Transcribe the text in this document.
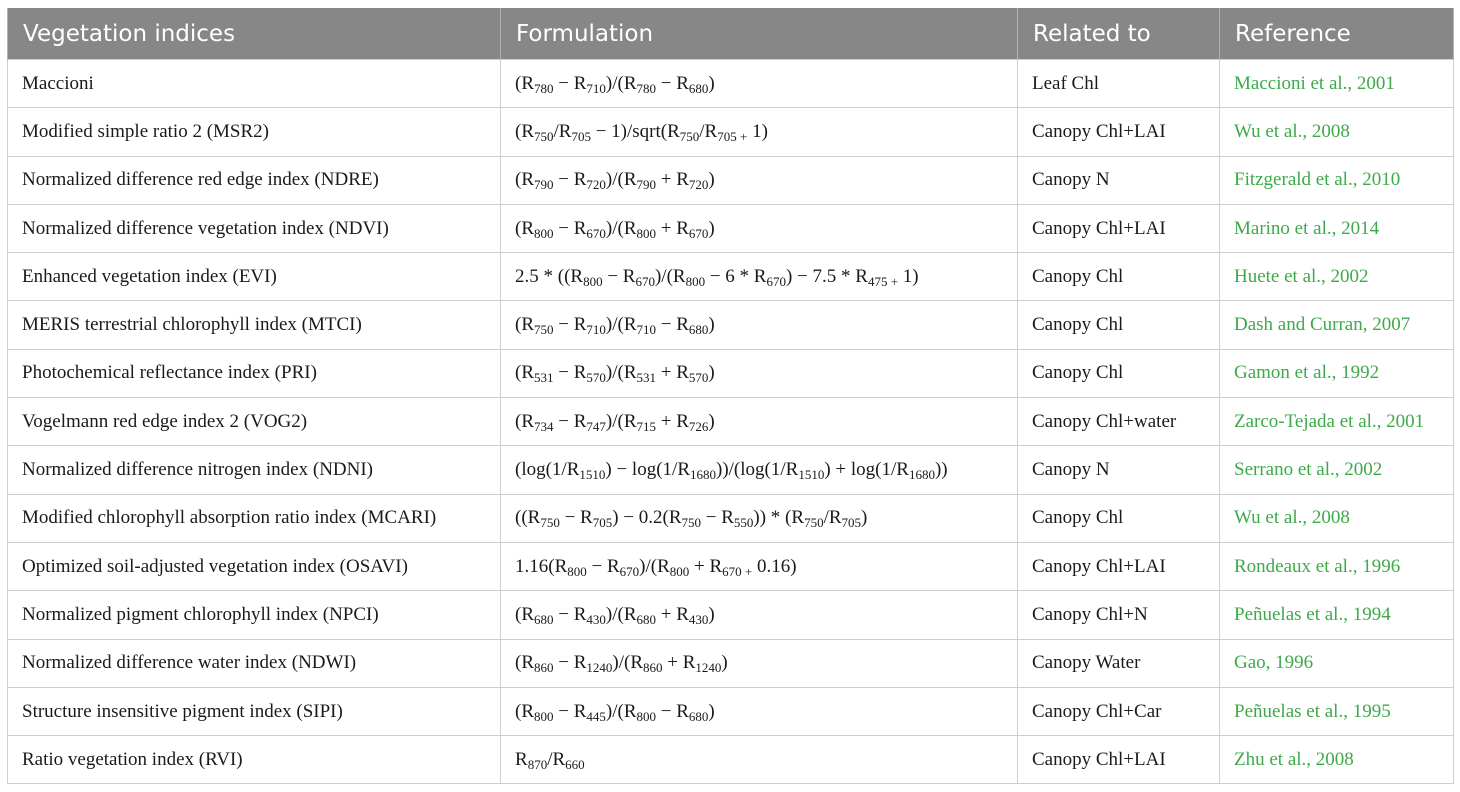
Vegetation indices	Formulation	Related to	Reference
Maccioni	$(R_{780} - R_{710})/(R_{780} - R_{680})$	Leaf Chl	Maccioni et al., 2001
Modified simple ratio 2 (MSR2)	($R_{750}/R_{705}$ − $1)/sqrt(R_{750}/R_{705 +}$ 1)	Canopy Chl+LAI	Wu et al., 2008
Normalized difference red edge index (NDRE)	$(R_{790} - R_{720})/(R_{790} + R_{720})$	Canopy N	Fitzgerald et al., 2010
Normalized difference vegetation index (NDVI)	$(R_{800} - R_{670})/(R_{800} + R_{670})$	Canopy Chl+LAI	Marino et al., 2014
Enhanced vegetation index (EVI)	$2.5 * ((R_{800} - R_{670})/(R_{800} - 6 * R_{670}) - 7.5 * R_{475 +}$ 1)	Canopy Chl	Huete et al., 2002
MERIS terrestrial chlorophyll index (MTCI)	$(R_{750} - R_{710})/(R_{710} - R_{680})$	Canopy Chl	Dash and Curran, 2007
Photochemical reflectance index (PRI)	$(R_{531} - R_{570})/(R_{531} + R_{570})$	Canopy Chl	Gamon et al., 1992
Vogelmann red edge index 2 (VOG2)	$(R_{734} - R_{747})/(R_{715} + R_{726})$	Canopy Chl+water	Zarco-Tejada et al., 2001
Normalized difference nitrogen index (NDNI)	$(\log(1/R_{1510}) - \log(1/R_{1680}))/(\log(1/R_{1510}) + \log(1/R_{1680}))$	Canopy N	Serrano et al., 2002
Modified chlorophyll absorption ratio index (MCARI)	$((R_{750} - R_{705}) - 0.2(R_{750} - R_{550})) * (R_{750}/R_{705})$	Canopy Chl	Wu et al., 2008
Optimized soil-adjusted vegetation index (OSAVI)	$1.16(R_{800} - R_{670})/(R_{800} + R_{670 +}$ 0.16)	Canopy Chl+LAI	Rondeaux et al., 1996
Normalized pigment chlorophyll index (NPCI)	$(R_{680} - R_{430})/(R_{680} + R_{430})$	Canopy Chl+N	Peñuelas et al., 1994
Normalized difference water index (NDWI)	$(R_{860} - R_{1240})/(R_{860} + R_{1240})$	Canopy Water	Gao, 1996
Structure insensitive pigment index (SIPI)	$(R_{800} - R_{445})/(R_{800} - R_{680})$	Canopy Chl+Car	Peñuelas et al., 1995
Ratio vegetation index (RVI)	$R_{870}/R_{660}$	Canopy Chl+LAI	Zhu et al., 2008
